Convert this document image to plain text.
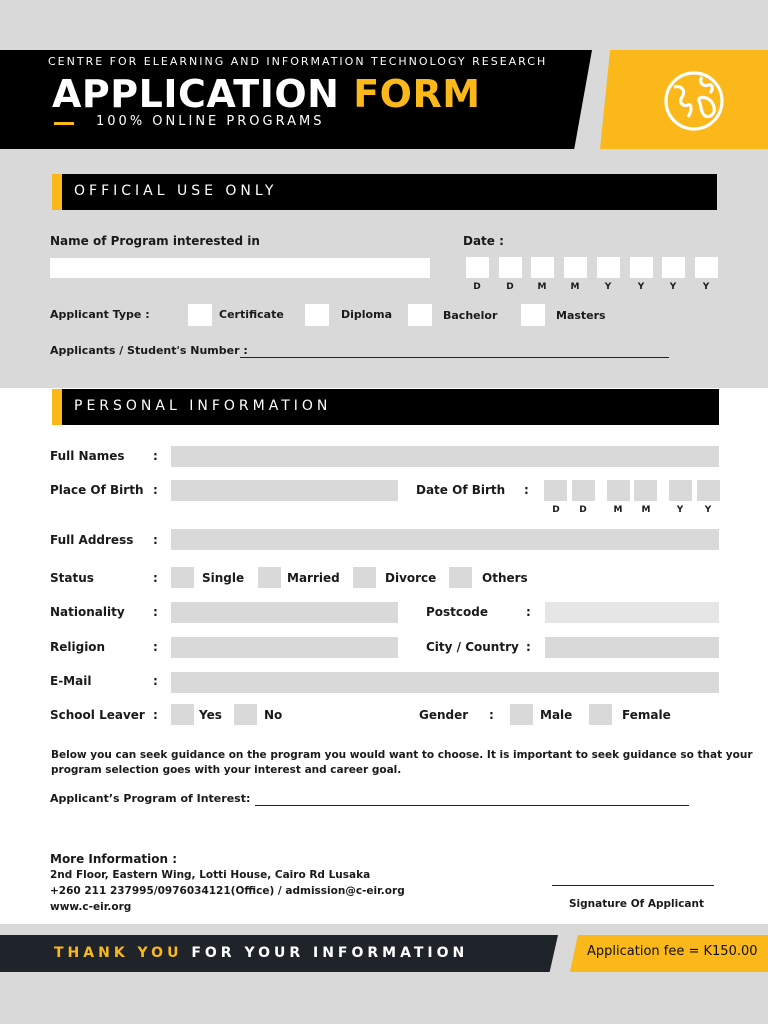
CENTRE FOR ELEARNING AND INFORMATION TECHNOLOGY RESEARCH
APPLICATION FORM
100% ONLINE PROGRAMS
OFFICIAL USE ONLY
Name of Program interested in	Date :
D	D	M	M	Y	Y	Y	Y
Applicant Type :	Certificate	Diploma	Bachelor	Masters
Applicants / Student's Number :
PERSONAL INFORMATION
Full Names :
Place Of Birth :	Date Of Birth :
D	D	M	M	Y	Y
Full Address :
Status	:	Single	Married	Divorce	Others
Nationality :	Postcode	:
Religion	:	City / Country :
E-Mail	:
School Leaver :	Yes	No	Gender :	Male	Female
Below you can seek guidance on the program you would want to choose. It is important to seek guidance so that your
program selection goes with your interest and career goal.
Applicant’s Program of Interest:
More Information :
2nd Floor, Eastern Wing, Lotti House, Cairo Rd Lusaka
+260 211 237995/0976034121(Office) / admission@c-eir.org
www.c-eir.org	Signature Of Applicant
THANK YOU FOR YOUR INFORMATION	Application fee = K150.00
